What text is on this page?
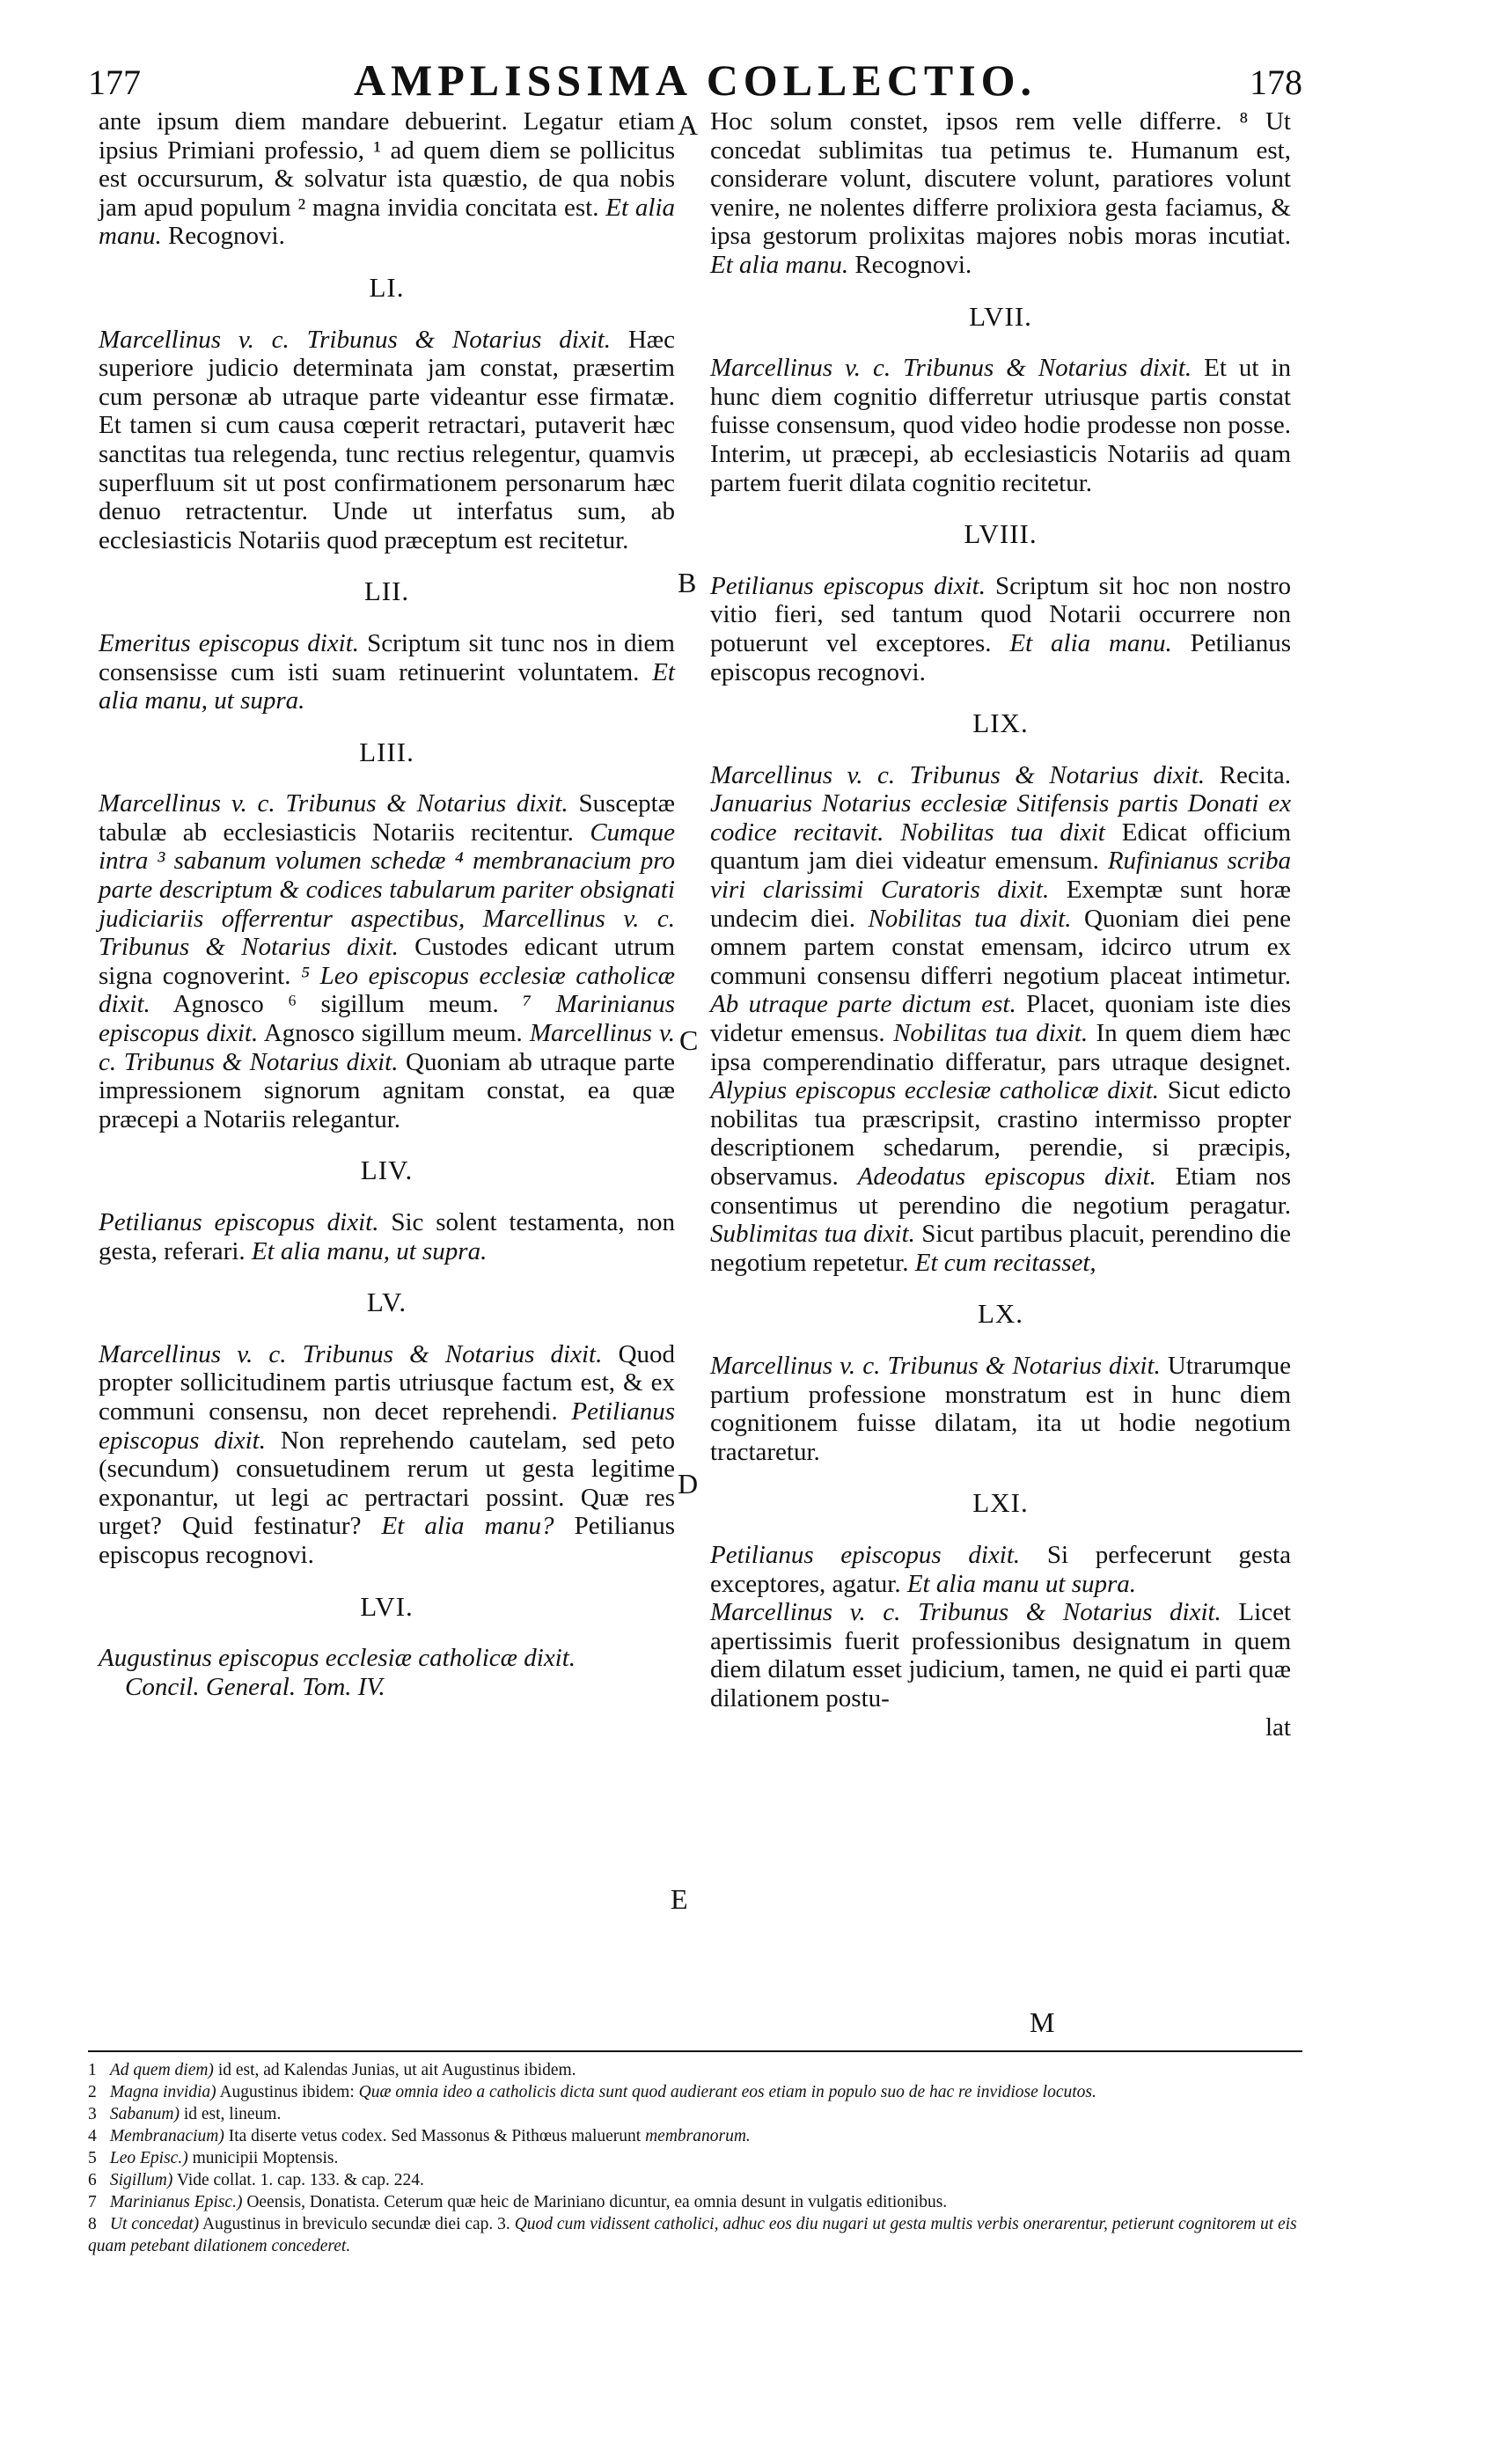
177	AMPLISSIMA COLLECTIO.	178
A
B
C
D
E
M

ante ipsum diem mandare debuerint. Legatur etiam ipsius Primiani professio, ¹ ad quem diem se pollicitus est occursurum, & solvatur ista quæstio, de qua nobis jam apud populum ² magna invidia concitata est. Et alia manu. Recognovi.

LI.

Marcellinus v. c. Tribunus & Notarius dixit. Hæc superiore judicio determinata jam constat, præsertim cum personæ ab utraque parte videantur esse firmatæ. Et tamen si cum causa cœperit retractari, putaverit hæc sanctitas tua relegenda, tunc rectius relegentur, quamvis superfluum sit ut post confirmationem personarum hæc denuo retractentur. Unde ut interfatus sum, ab ecclesiasticis Notariis quod præceptum est recitetur.

LII.

Emeritus episcopus dixit. Scriptum sit tunc nos in diem consensisse cum isti suam retinuerint voluntatem. Et alia manu, ut supra.

LIII.

Marcellinus v. c. Tribunus & Notarius dixit. Susceptæ tabulæ ab ecclesiasticis Notariis recitentur. Cumque intra ³ sabanum volumen schedæ ⁴ membranacium pro parte descriptum & codices tabularum pariter obsignati judiciariis offerrentur aspectibus, Marcellinus v. c. Tribunus & Notarius dixit. Custodes edicant utrum signa cognoverint. ⁵ Leo episcopus ecclesiæ catholicæ dixit. Agnosco ⁶ sigillum meum. ⁷ Marinianus episcopus dixit. Agnosco sigillum meum. Marcellinus v. c. Tribunus & Notarius dixit. Quoniam ab utraque parte impressionem signorum agnitam constat, ea quæ præcepi a Notariis relegantur.

LIV.

Petilianus episcopus dixit. Sic solent testamenta, non gesta, referari. Et alia manu, ut supra.

LV.

Marcellinus v. c. Tribunus & Notarius dixit. Quod propter sollicitudinem partis utriusque factum est, & ex communi consensu, non decet reprehendi. Petilianus episcopus dixit. Non reprehendo cautelam, sed peto (secundum) consuetudinem rerum ut gesta legitime exponantur, ut legi ac pertractari possint. Quæ res urget? Quid festinatur? Et alia manu? Petilianus episcopus recognovi.

LVI.

Augustinus episcopus ecclesiæ catholicæ dixit.

Concil. General. Tom. IV.

Hoc solum constet, ipsos rem velle differre. ⁸ Ut concedat sublimitas tua petimus te. Humanum est, considerare volunt, discutere volunt, paratiores volunt venire, ne nolentes differre prolixiora gesta faciamus, & ipsa gestorum prolixitas majores nobis moras incutiat. Et alia manu. Recognovi.

LVII.

Marcellinus v. c. Tribunus & Notarius dixit. Et ut in hunc diem cognitio differretur utriusque partis constat fuisse consensum, quod video hodie prodesse non posse. Interim, ut præcepi, ab ecclesiasticis Notariis ad quam partem fuerit dilata cognitio recitetur.

LVIII.

Petilianus episcopus dixit. Scriptum sit hoc non nostro vitio fieri, sed tantum quod Notarii occurrere non potuerunt vel exceptores. Et alia manu. Petilianus episcopus recognovi.

LIX.

Marcellinus v. c. Tribunus & Notarius dixit. Recita. Januarius Notarius ecclesiæ Sitifensis partis Donati ex codice recitavit. Nobilitas tua dixit Edicat officium quantum jam diei videatur emensum. Rufinianus scriba viri clarissimi Curatoris dixit. Exemptæ sunt horæ undecim diei. Nobilitas tua dixit. Quoniam diei pene omnem partem constat emensam, idcirco utrum ex communi consensu differri negotium placeat intimetur. Ab utraque parte dictum est. Placet, quoniam iste dies videtur emensus. Nobilitas tua dixit. In quem diem hæc ipsa comperendinatio differatur, pars utraque designet. Alypius episcopus ecclesiæ catholicæ dixit. Sicut edicto nobilitas tua præscripsit, crastino intermisso propter descriptionem schedarum, perendie, si præcipis, observamus. Adeodatus episcopus dixit. Etiam nos consentimus ut perendino die negotium peragatur. Sublimitas tua dixit. Sicut partibus placuit, perendino die negotium repetetur. Et cum recitasset,

LX.

Marcellinus v. c. Tribunus & Notarius dixit. Utrarumque partium professione monstratum est in hunc diem cognitionem fuisse dilatam, ita ut hodie negotium tractaretur.

LXI.

Petilianus episcopus dixit. Si perfecerunt gesta exceptores, agatur. Et alia manu ut supra.

Marcellinus v. c. Tribunus & Notarius dixit. Licet apertissimis fuerit professionibus designatum in quem diem dilatum esset judicium, tamen, ne quid ei parti quæ dilationem postu-

lat

1 Ad quem diem) id est, ad Kalendas Junias, ut ait Augustinus ibidem.

2 Magna invidia) Augustinus ibidem: Quæ omnia ideo a catholicis dicta sunt quod audierant eos etiam in populo suo de hac re invidiose locutos.

3 Sabanum) id est, lineum.

4 Membranacium) Ita diserte vetus codex. Sed Massonus & Pithœus maluerunt membranorum.

5 Leo Episc.) municipii Moptensis.

6 Sigillum) Vide collat. 1. cap. 133. & cap. 224.

7 Marinianus Episc.) Oeensis, Donatista. Ceterum quæ heic de Mariniano dicuntur, ea omnia desunt in vulgatis editionibus.

8 Ut concedat) Augustinus in breviculo secundæ diei cap. 3. Quod cum vidissent catholici, adhuc eos diu nugari ut gesta multis verbis onerarentur, petierunt cognitorem ut eis quam petebant dilationem concederet.
